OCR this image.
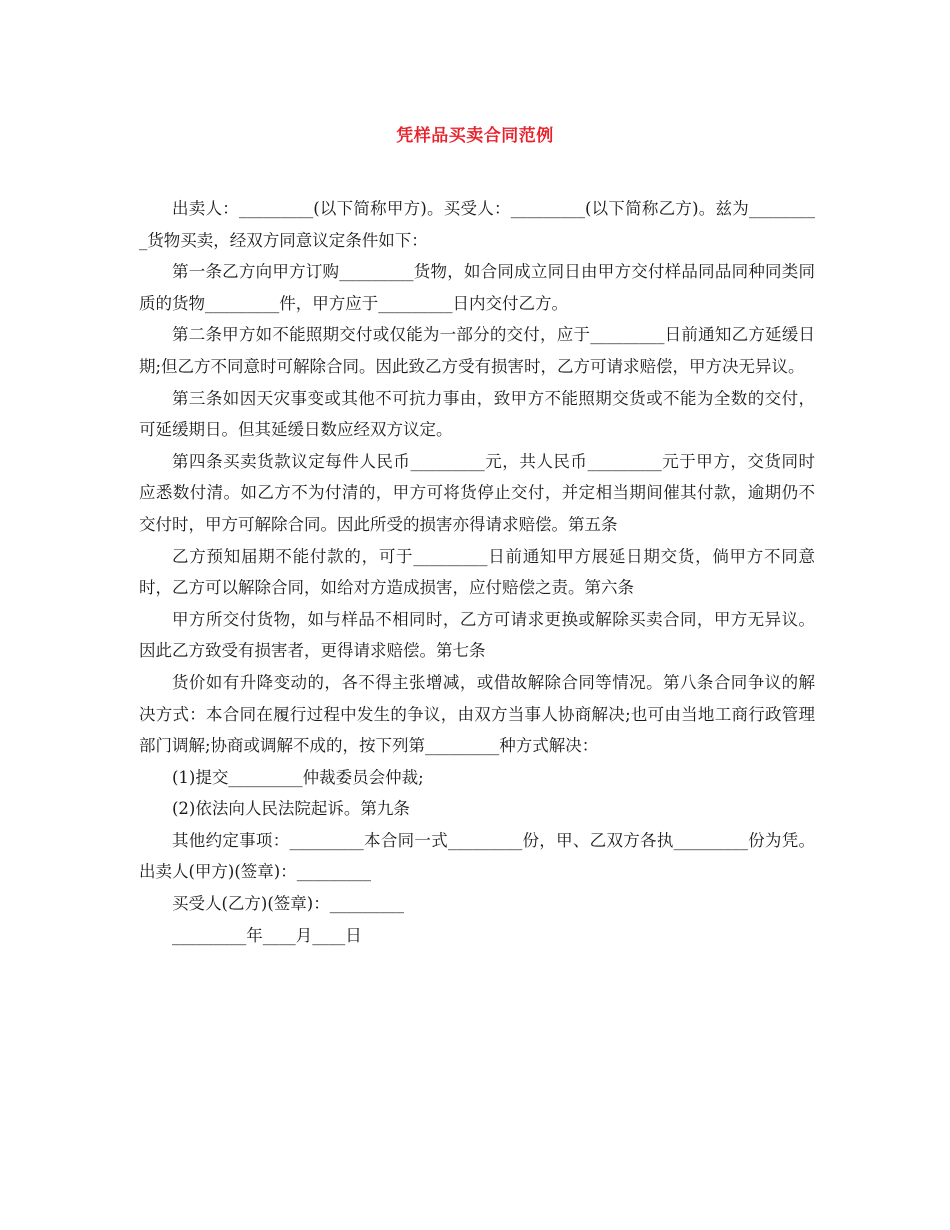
凭样品买卖合同范例

出卖人：_________(以下简称甲方)。买受人：_________(以下简称乙方)。兹为_________货物买卖，经双方同意议定条件如下：

第一条乙方向甲方订购_________货物，如合同成立同日由甲方交付样品同品同种同类同质的货物_________件，甲方应于_________日内交付乙方。

第二条甲方如不能照期交付或仅能为一部分的交付，应于_________日前通知乙方延缓日期;但乙方不同意时可解除合同。因此致乙方受有损害时，乙方可请求赔偿，甲方决无异议。

第三条如因天灾事变或其他不可抗力事由，致甲方不能照期交货或不能为全数的交付，可延缓期日。但其延缓日数应经双方议定。

第四条买卖货款议定每件人民币_________元，共人民币_________元于甲方，交货同时应悉数付清。如乙方不为付清的，甲方可将货停止交付，并定相当期间催其付款，逾期仍不交付时，甲方可解除合同。因此所受的损害亦得请求赔偿。第五条

乙方预知届期不能付款的，可于_________日前通知甲方展延日期交货，倘甲方不同意时，乙方可以解除合同，如给对方造成损害，应付赔偿之责。第六条

甲方所交付货物，如与样品不相同时，乙方可请求更换或解除买卖合同，甲方无异议。因此乙方致受有损害者，更得请求赔偿。第七条

货价如有升降变动的，各不得主张增减，或借故解除合同等情况。第八条合同争议的解决方式：本合同在履行过程中发生的争议，由双方当事人协商解决;也可由当地工商行政管理部门调解;协商或调解不成的，按下列第_________种方式解决：

(1)提交_________仲裁委员会仲裁;

(2)依法向人民法院起诉。第九条

其他约定事项：_________本合同一式_________份，甲、乙双方各执_________份为凭。出卖人(甲方)(签章)：_________

买受人(乙方)(签章)：_________

_________年____月____日
